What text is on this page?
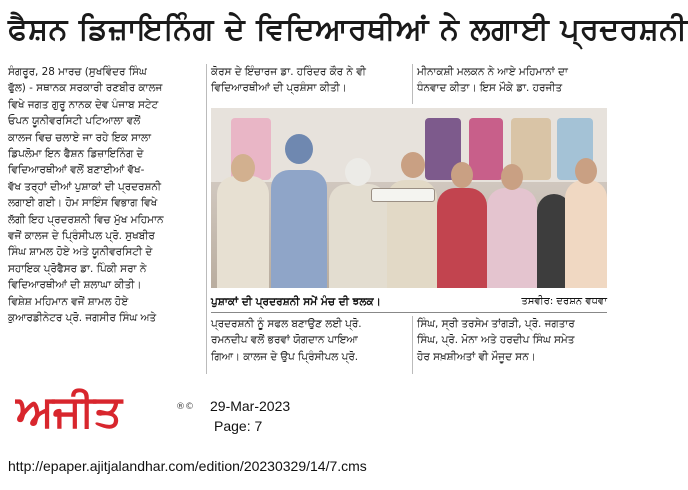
ਫੈਸ਼ਨ ਡਿਜ਼ਾਇਨਿੰਗ ਦੇ ਵਿਦਿਆਰਥੀਆਂ ਨੇ ਲਗਾਈ ਪ੍ਰਦਰਸ਼ਨੀ
ਸੰਗਰੂਰ, 28 ਮਾਰਚ (ਸੁਖਵਿੰਦਰ ਸਿੰਘ
ਫੁੱਲ) - ਸਥਾਨਕ ਸਰਕਾਰੀ ਰਣਬੀਰ ਕਾਲਜ
ਵਿਖੇ ਜਗਤ ਗੁਰੂ ਨਾਨਕ ਦੇਵ ਪੰਜਾਬ ਸਟੇਟ
ਓਪਨ ਯੂਨੀਵਰਸਿਟੀ ਪਟਿਆਲਾ ਵਲੋਂ
ਕਾਲਜ ਵਿਚ ਚਲਾਏ ਜਾ ਰਹੇ ਇਕ ਸਾਲਾ
ਡਿਪਲੋਮਾ ਇਨ ਫੈਸ਼ਨ ਡਿਜ਼ਾਇਨਿੰਗ ਦੇ
ਵਿਦਿਆਰਥੀਆਂ ਵਲੋਂ ਬਣਾਈਆਂ ਵੱਖ-
ਵੱਖ ਤਰ੍ਹਾਂ ਦੀਆਂ ਪੁਸ਼ਾਕਾਂ ਦੀ ਪ੍ਰਦਰਸ਼ਨੀ
ਲਗਾਈ ਗਈ। ਹੋਮ ਸਾਇੰਸ ਵਿਭਾਗ ਵਿਖੇ
ਲੱਗੀ ਇਹ ਪ੍ਰਦਰਸ਼ਨੀ ਵਿਚ ਮੁੱਖ ਮਹਿਮਾਨ
ਵਜੋਂ ਕਾਲਜ ਦੇ ਪ੍ਰਿੰਸੀਪਲ ਪ੍ਰੋ. ਸੁਖਬੀਰ
ਸਿੰਘ ਸ਼ਾਮਲ ਹੋਏ ਅਤੇ ਯੂਨੀਵਰਸਿਟੀ ਦੇ
ਸਹਾਇਕ ਪ੍ਰੋਫੈਸਰ ਡਾ. ਪਿੰਕੀ ਸਰਾ ਨੇ
ਵਿਦਿਆਰਥੀਆਂ ਦੀ ਸ਼ਲਾਘਾ ਕੀਤੀ।
ਵਿਸ਼ੇਸ਼ ਮਹਿਮਾਨ ਵਜੋਂ ਸ਼ਾਮਲ ਹੋਏ
ਕੁਆਰਡੀਨੇਟਰ ਪ੍ਰੋ. ਜਗਸੀਰ ਸਿੰਘ ਅਤੇ
ਕੋਰਸ ਦੇ ਇੰਚਾਰਜ ਡਾ. ਹਰਿੰਦਰ ਕੌਰ ਨੇ ਵੀ
ਵਿਦਿਆਰਥੀਆਂ ਦੀ ਪ੍ਰਸ਼ੰਸਾ ਕੀਤੀ।
ਮੀਨਾਕਸ਼ੀ ਮਲਕਨ ਨੇ ਆਏ ਮਹਿਮਾਨਾਂ ਦਾ
ਧੰਨਵਾਦ ਕੀਤਾ। ਇਸ ਮੌਕੇ ਡਾ. ਹਰਜੀਤ
ਪੁਸ਼ਾਕਾਂ ਦੀ ਪ੍ਰਦਰਸ਼ਨੀ ਸਮੇਂ ਮੰਚ ਦੀ ਝਲਕ।	ਤਸਵੀਰ: ਦਰਸ਼ਨ ਵਧਵਾ
ਪ੍ਰਦਰਸ਼ਨੀ ਨੂੰ ਸਫਲ ਬਣਾਉਣ ਲਈ ਪ੍ਰੋ.
ਰਮਨਦੀਪ ਵਲੋਂ ਭਰਵਾਂ ਯੋਗਦਾਨ ਪਾਇਆ
ਗਿਆ। ਕਾਲਜ ਦੇ ਉਪ ਪ੍ਰਿੰਸੀਪਲ ਪ੍ਰੋ.
ਸਿੰਘ, ਸ੍ਰੀ ਤਰਸੇਮ ਤਾਂਗੜੀ, ਪ੍ਰੋ. ਜਗਤਾਰ
ਸਿੰਘ, ਪ੍ਰੋ. ਮੋਨਾ ਅਤੇ ਹਰਦੀਪ ਸਿੰਘ ਸਮੇਤ
ਹੋਰ ਸਖ਼ਸ਼ੀਅਤਾਂ ਵੀ ਮੌਜੂਦ ਸਨ।
ਅਜੀਤ	®© 29-Mar-2023
Page: 7
http://epaper.ajitjalandhar.com/edition/20230329/14/7.cms
